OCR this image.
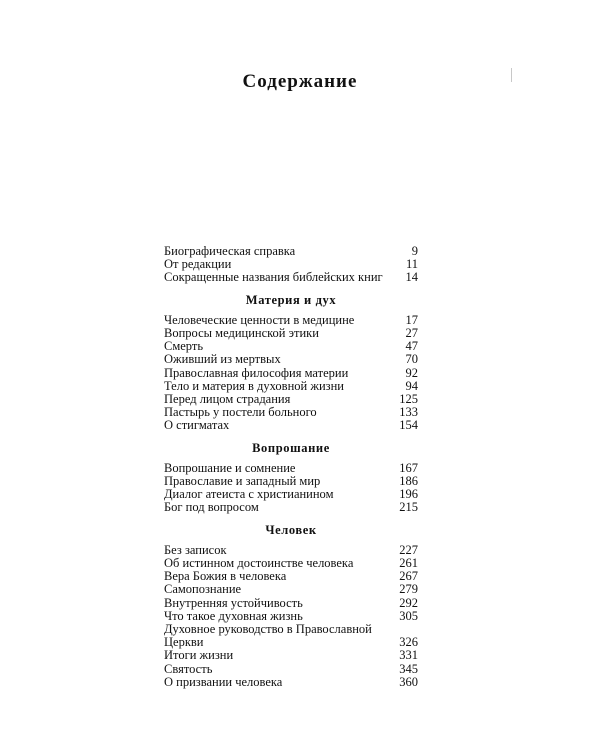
Содержание
Биографическая справка	9
От редакции	11
Сокращенные названия библейских книг	14
Материя и дух
Человеческие ценности в медицине	17
Вопросы медицинской этики	27
Смерть	47
Оживший из мертвых	70
Православная философия материи	92
Тело и материя в духовной жизни	94
Перед лицом страдания	125
Пастырь у постели больного	133
О стигматах	154
Вопрошание
Вопрошание и сомнение	167
Православие и западный мир	186
Диалог атеиста с христианином	196
Бог под вопросом	215
Человек
Без записок	227
Об истинном достоинстве человека	261
Вера Божия в человека	267
Самопознание	279
Внутренняя устойчивость	292
Что такое духовная жизнь	305
Духовное руководство в Православной Церкви	326
Итоги жизни	331
Святость	345
О призвании человека	360
